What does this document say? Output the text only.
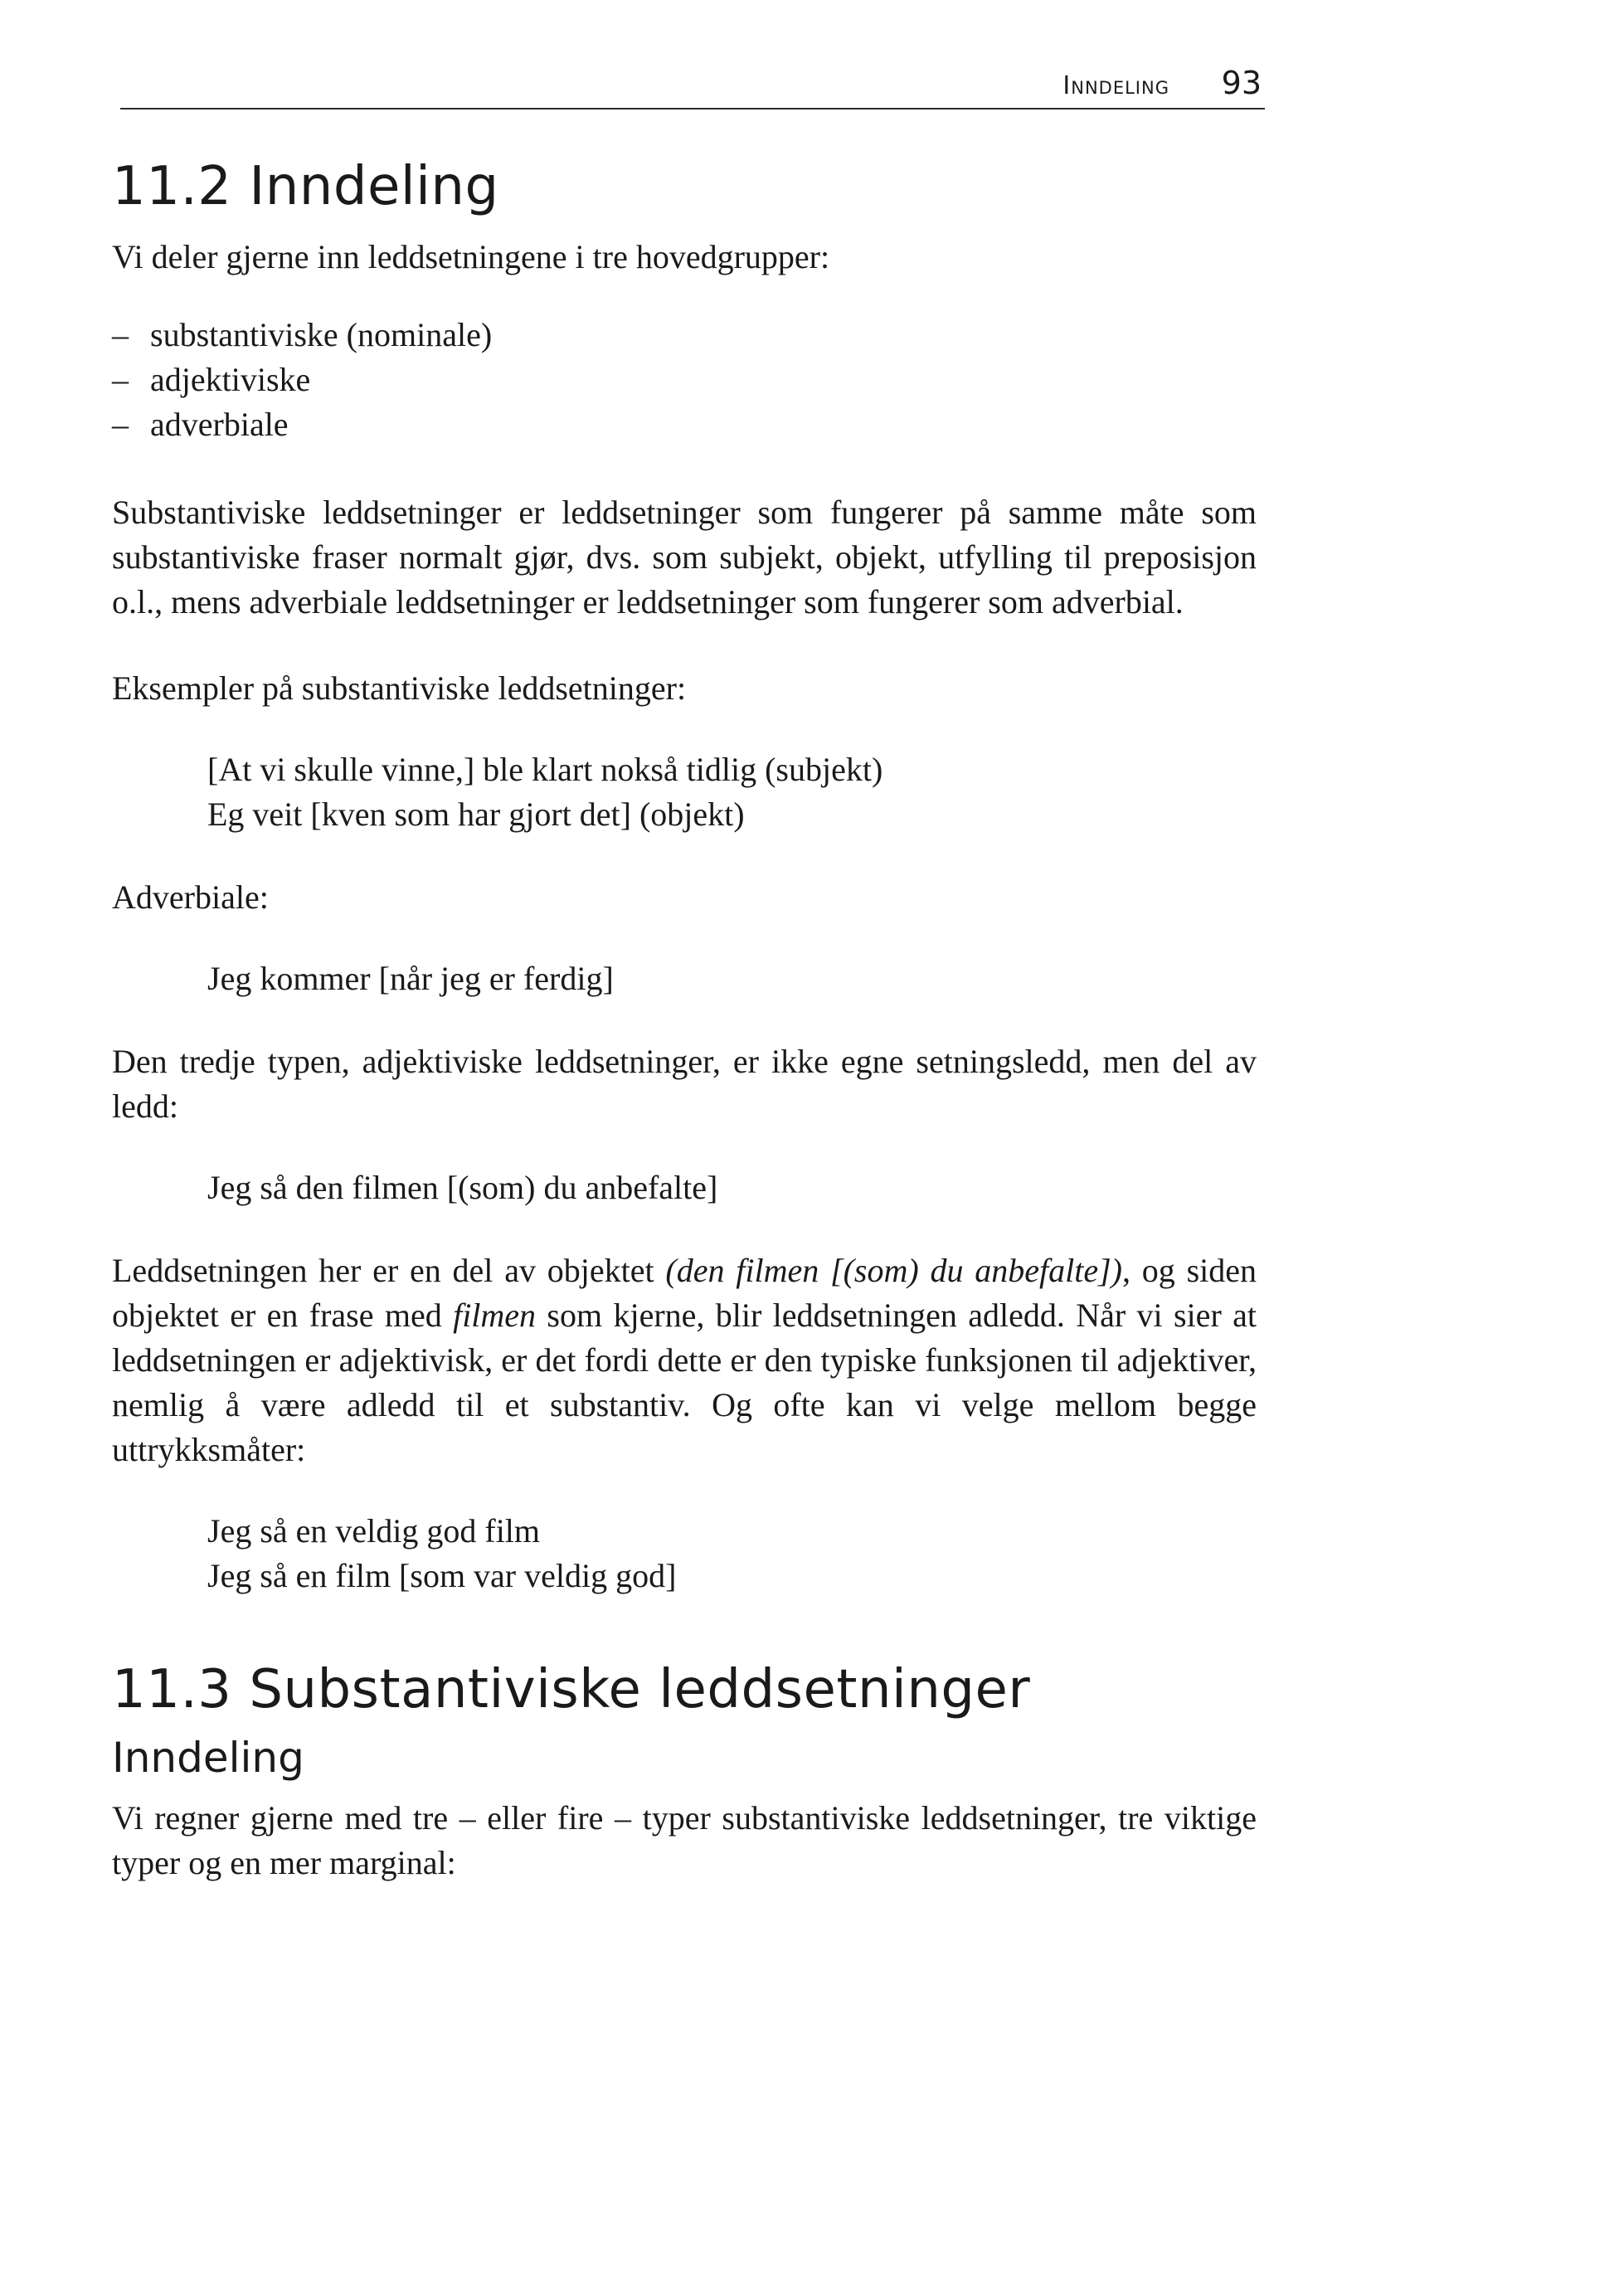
Inndeling 93
11.2 Inndeling

Vi deler gjerne inn leddsetningene i tre hovedgrupper:

– substantiviske (nominale)
– adjektiviske
– adverbiale

Substantiviske leddsetninger er leddsetninger som fungerer på samme måte som substantiviske fraser normalt gjør, dvs. som subjekt, objekt, utfylling til preposisjon o.l., mens adverbiale leddsetninger er leddsetninger som fungerer som adverbial.

Eksempler på substantiviske leddsetninger:

[At vi skulle vinne,] ble klart nokså tidlig (subjekt)
Eg veit [kven som har gjort det] (objekt)

Adverbiale:

Jeg kommer [når jeg er ferdig]

Den tredje typen, adjektiviske leddsetninger, er ikke egne setningsledd, men del av ledd:

Jeg så den filmen [(som) du anbefalte]

Leddsetningen her er en del av objektet (den filmen [(som) du anbefalte]), og siden objektet er en frase med filmen som kjerne, blir leddsetningen adledd. Når vi sier at leddsetningen er adjektivisk, er det fordi dette er den typiske funksjonen til adjektiver, nemlig å være adledd til et substantiv. Og ofte kan vi velge mellom begge uttrykksmåter:

Jeg så en veldig god film
Jeg så en film [som var veldig god]
11.3 Substantiviske leddsetninger
Inndeling

Vi regner gjerne med tre – eller fire – typer substantiviske leddsetninger, tre viktige typer og en mer marginal:
